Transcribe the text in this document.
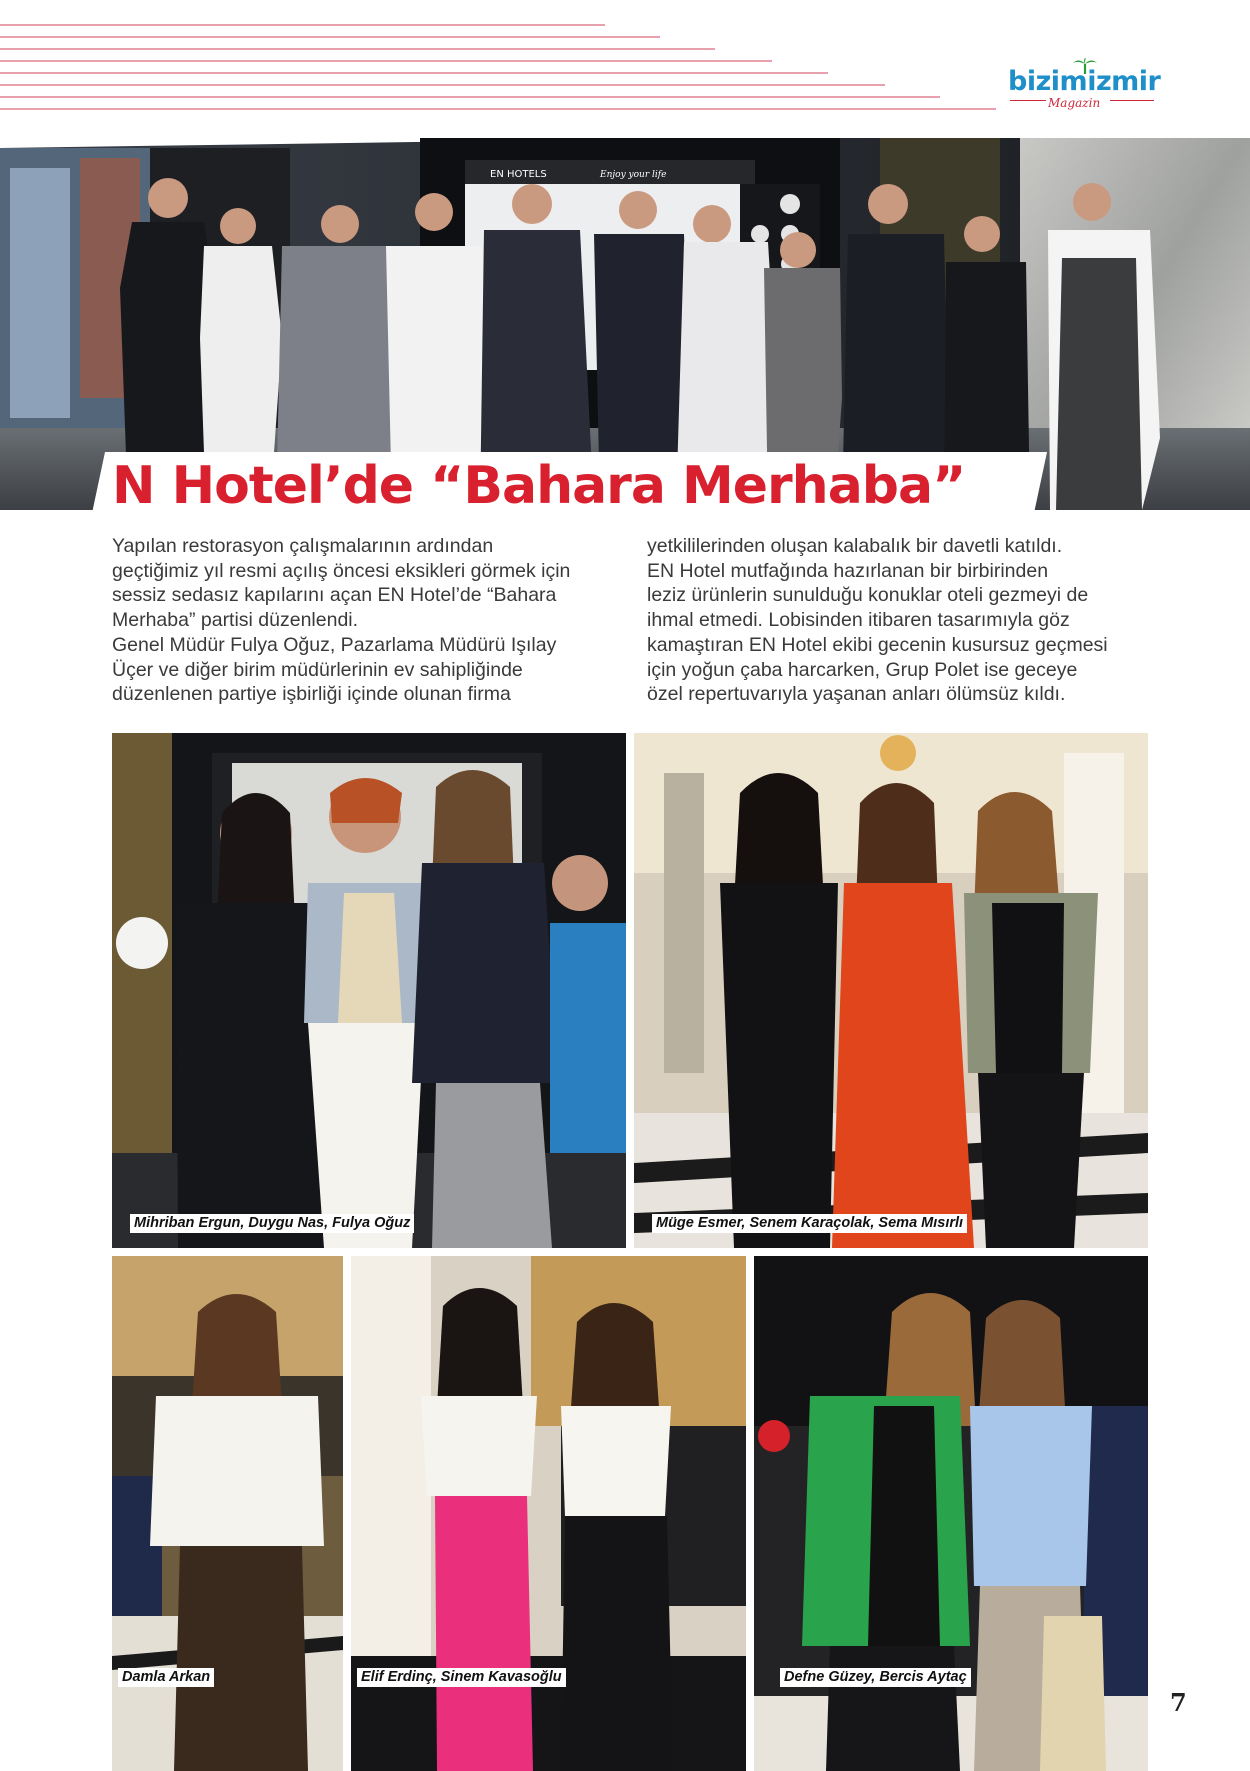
bizimizmir
Magazin
EN HOTELS	Enjoy your life
N Hotel’de “Bahara Merhaba”

Yapılan restorasyon çalışmalarının ardından
geçtiğimiz yıl resmi açılış öncesi eksikleri görmek için
sessiz sedasız kapılarını açan EN Hotel’de “Bahara
Merhaba” partisi düzenlendi.
Genel Müdür Fulya Oğuz, Pazarlama Müdürü Işılay
Üçer ve diğer birim müdürlerinin ev sahipliğinde
düzenlenen partiye işbirliği içinde olunan firma

yetkililerinden oluşan kalabalık bir davetli katıldı.
EN Hotel mutfağında hazırlanan bir birbirinden
leziz ürünlerin sunulduğu konuklar oteli gezmeyi de
ihmal etmedi. Lobisinden itibaren tasarımıyla göz
kamaştıran EN Hotel ekibi gecenin kusursuz geçmesi
için yoğun çaba harcarken, Grup Polet ise geceye
özel repertuvarıyla yaşanan anları ölümsüz kıldı.

Mihriban Ergun, Duygu Nas, Fulya Oğuz	Müge Esmer, Senem Karaçolak, Sema Mısırlı
Damla Arkan	Elif Erdinç, Sinem Kavasoğlu	Defne Güzey, Bercis Aytaç
7
